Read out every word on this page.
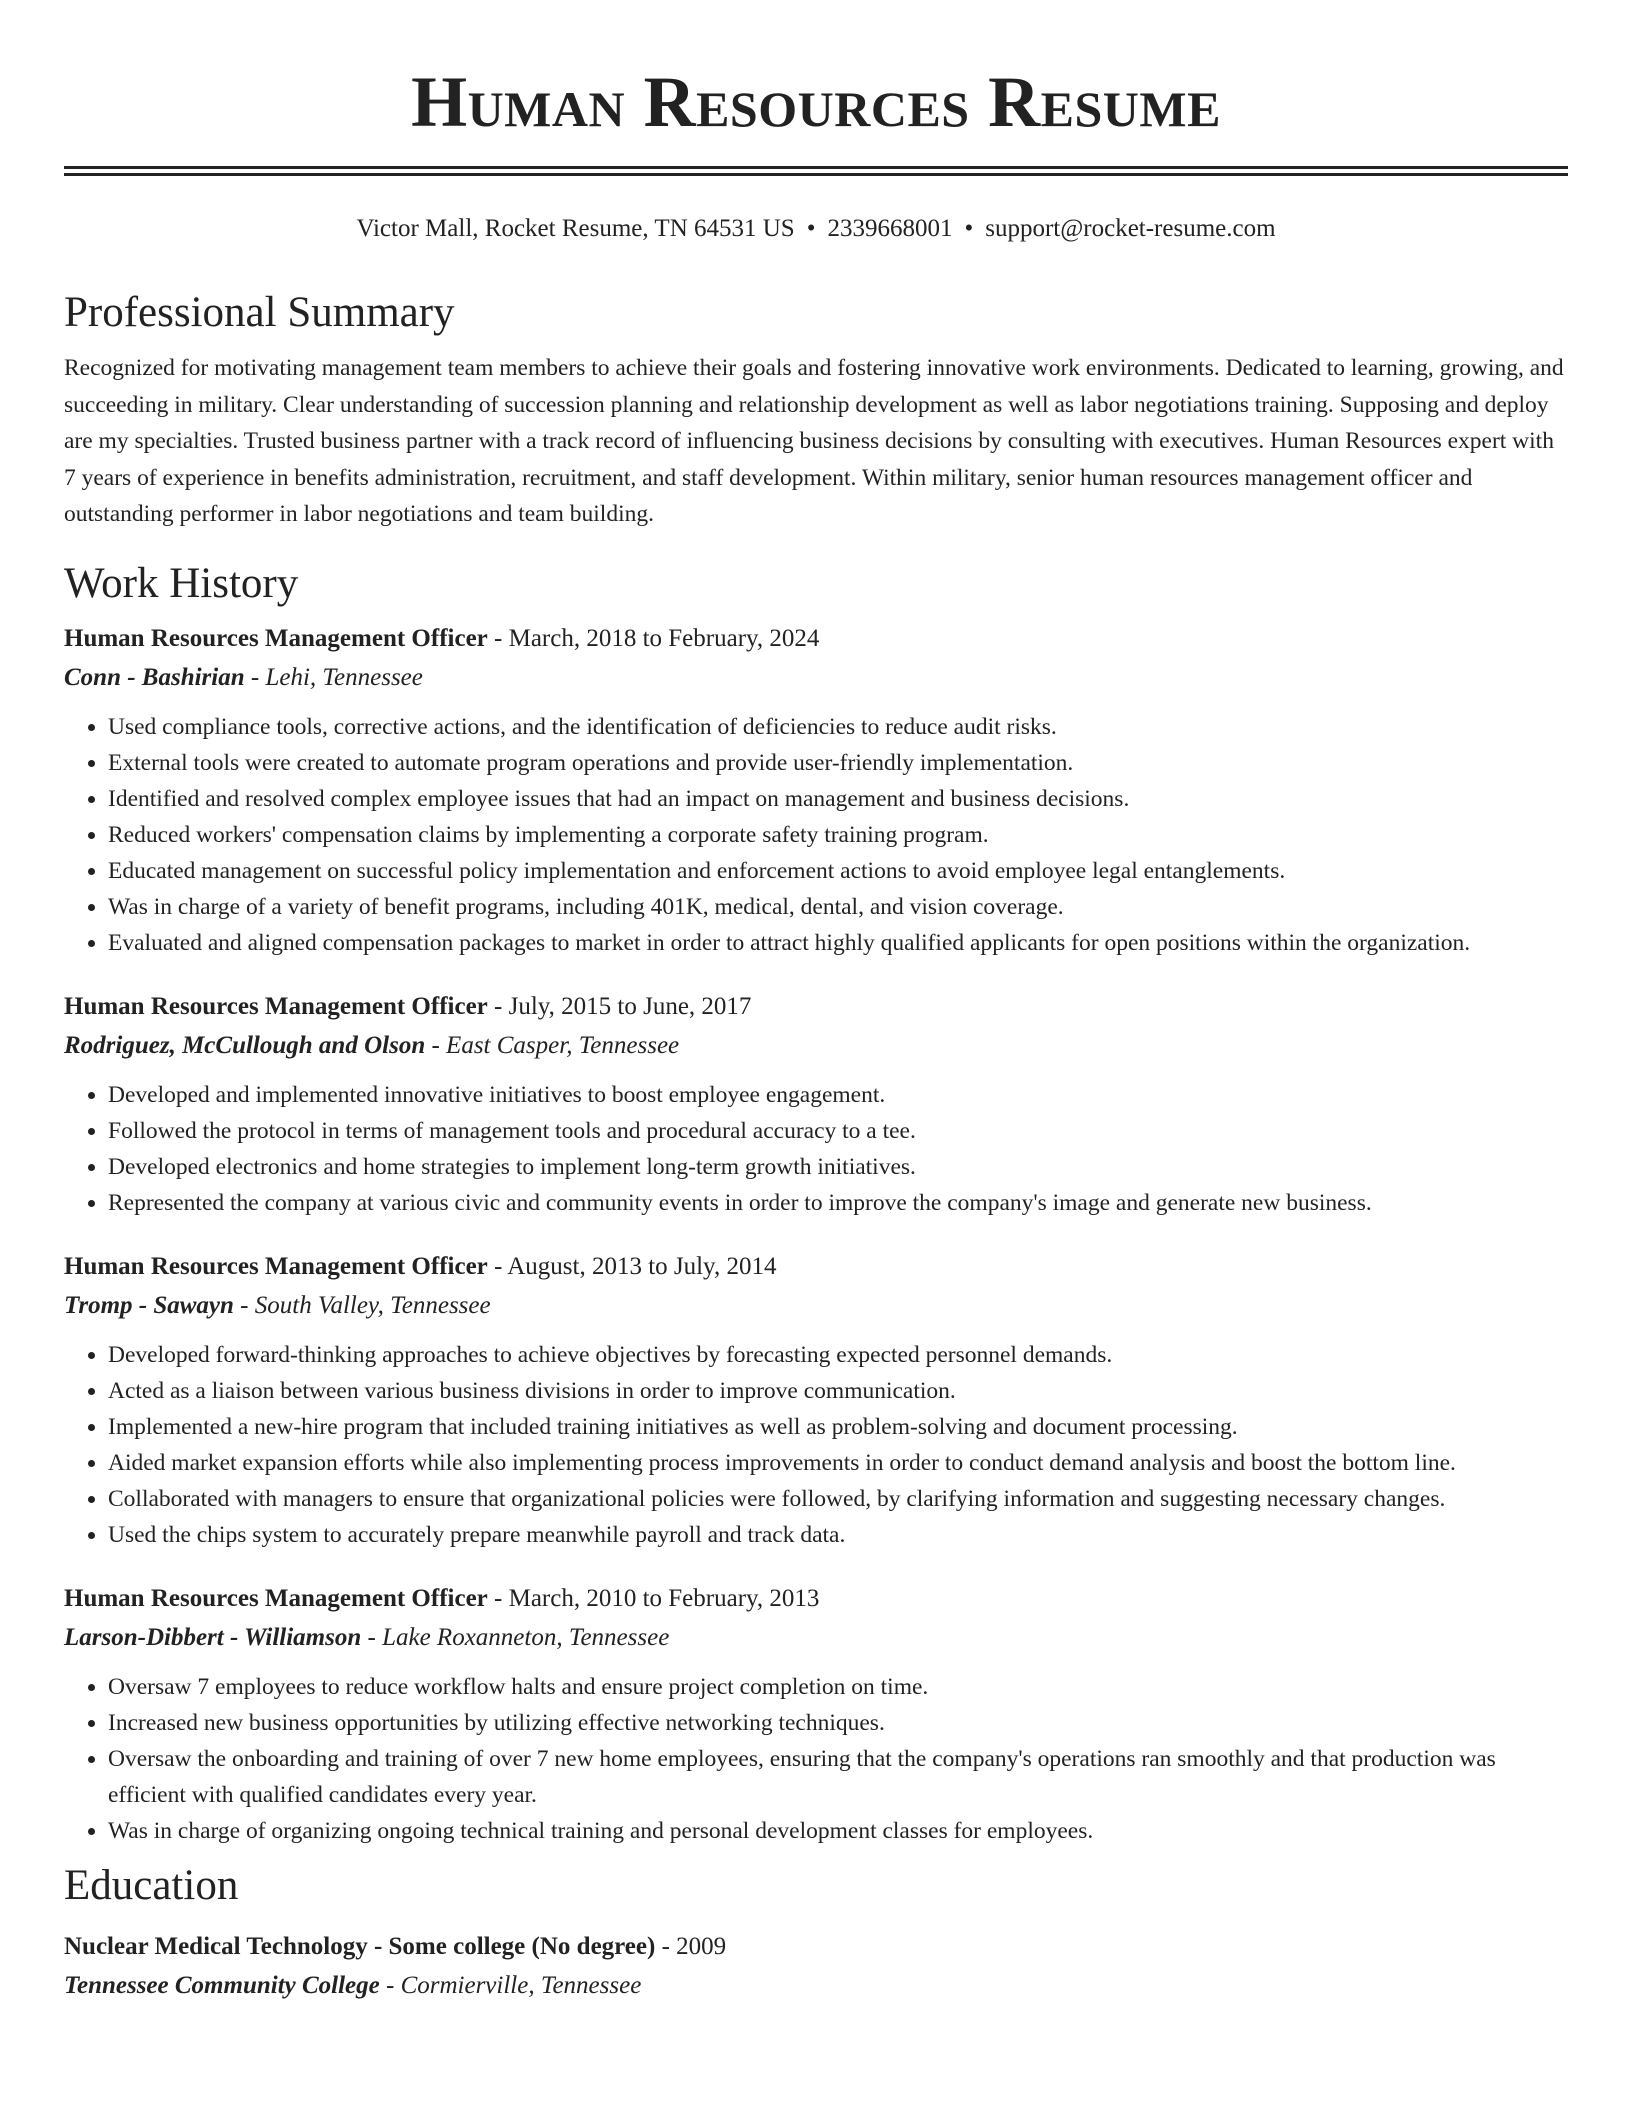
Human Resources Resume
Victor Mall, Rocket Resume, TN 64531 US • 2339668001 • support@rocket-resume.com
Professional Summary

Recognized for motivating management team members to achieve their goals and fostering innovative work environments. Dedicated to learning, growing, and succeeding in military. Clear understanding of succession planning and relationship development as well as labor negotiations training. Supposing and deploy are my specialties. Trusted business partner with a track record of influencing business decisions by consulting with executives. Human Resources expert with 7 years of experience in benefits administration, recruitment, and staff development. Within military, senior human resources management officer and outstanding performer in labor negotiations and team building.

Work History
Human Resources Management Officer - March, 2018 to February, 2024
Conn - Bashirian - Lehi, Tennessee
• Used compliance tools, corrective actions, and the identification of deficiencies to reduce audit risks.
• External tools were created to automate program operations and provide user-friendly implementation.
• Identified and resolved complex employee issues that had an impact on management and business decisions.
• Reduced workers' compensation claims by implementing a corporate safety training program.
• Educated management on successful policy implementation and enforcement actions to avoid employee legal entanglements.
• Was in charge of a variety of benefit programs, including 401K, medical, dental, and vision coverage.
• Evaluated and aligned compensation packages to market in order to attract highly qualified applicants for open positions within the organization.
Human Resources Management Officer - July, 2015 to June, 2017
Rodriguez, McCullough and Olson - East Casper, Tennessee
• Developed and implemented innovative initiatives to boost employee engagement.
• Followed the protocol in terms of management tools and procedural accuracy to a tee.
• Developed electronics and home strategies to implement long-term growth initiatives.
• Represented the company at various civic and community events in order to improve the company's image and generate new business.
Human Resources Management Officer - August, 2013 to July, 2014
Tromp - Sawayn - South Valley, Tennessee
• Developed forward-thinking approaches to achieve objectives by forecasting expected personnel demands.
• Acted as a liaison between various business divisions in order to improve communication.
• Implemented a new-hire program that included training initiatives as well as problem-solving and document processing.
• Aided market expansion efforts while also implementing process improvements in order to conduct demand analysis and boost the bottom line.
• Collaborated with managers to ensure that organizational policies were followed, by clarifying information and suggesting necessary changes.
• Used the chips system to accurately prepare meanwhile payroll and track data.
Human Resources Management Officer - March, 2010 to February, 2013
Larson-Dibbert - Williamson - Lake Roxanneton, Tennessee
• Oversaw 7 employees to reduce workflow halts and ensure project completion on time.
• Increased new business opportunities by utilizing effective networking techniques.
• Oversaw the onboarding and training of over 7 new home employees, ensuring that the company's operations ran smoothly and that production was efficient with qualified candidates every year.
• Was in charge of organizing ongoing technical training and personal development classes for employees.
Education
Nuclear Medical Technology - Some college (No degree) - 2009
Tennessee Community College - Cormierville, Tennessee
